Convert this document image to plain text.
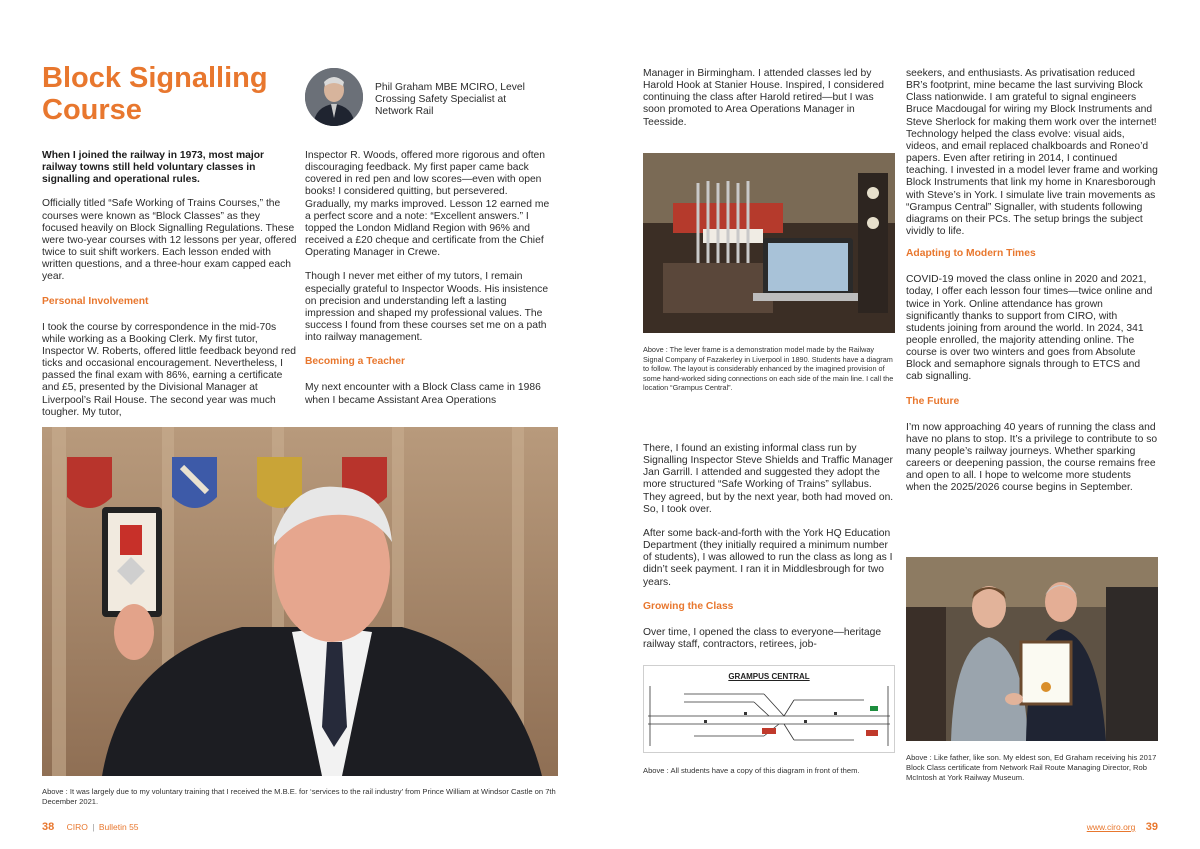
Block Signalling
Course
Phil Graham MBE MCIRO, Level Crossing Safety Specialist at Network Rail

When I joined the railway in 1973, most major railway towns still held voluntary classes in signalling and operational rules.

Officially titled “Safe Working of Trains Courses,” the courses were known as “Block Classes” as they focused heavily on Block Signalling Regulations. These were two-year courses with 12 lessons per year, offered twice to suit shift workers. Each lesson ended with written questions, and a three-hour exam capped each year.

Personal Involvement

I took the course by correspondence in the mid-70s while working as a Booking Clerk. My first tutor, Inspector W. Roberts, offered little feedback beyond red ticks and occasional encouragement. Nevertheless, I passed the final exam with 86%, earning a certificate and £5, presented by the Divisional Manager at Liverpool’s Rail House. The second year was much tougher. My tutor,

Inspector R. Woods, offered more rigorous and often discouraging feedback. My first paper came back covered in red pen and low scores—even with open books! I considered quitting, but persevered. Gradually, my marks improved. Lesson 12 earned me a perfect score and a note: “Excellent answers.” I topped the London Midland Region with 96% and received a £20 cheque and certificate from the Chief Operating Manager in Crewe.

Though I never met either of my tutors, I remain especially grateful to Inspector Woods. His insistence on precision and understanding left a lasting impression and shaped my professional values. The success I found from these courses set me on a path into railway management.

Becoming a Teacher

My next encounter with a Block Class came in 1986 when I became Assistant Area Operations

Above : It was largely due to my voluntary training that I received the M.B.E. for ‘services to the rail industry’ from Prince William at Windsor Castle on 7th December 2021.
38 CIRO | Bulletin 55

Manager in Birmingham. I attended classes led by Harold Hook at Stanier House. Inspired, I considered continuing the class after Harold retired—but I was soon promoted to Area Operations Manager in Teesside.

Above : The lever frame is a demonstration model made by the Railway Signal Company of Fazakerley in Liverpool in 1890. Students have a diagram to follow. The layout is considerably enhanced by the imagined provision of some hand-worked siding connections on each side of the main line. I call the location “Grampus Central”.

There, I found an existing informal class run by Signalling Inspector Steve Shields and Traffic Manager Jan Garrill. I attended and suggested they adopt the more structured “Safe Working of Trains” syllabus. They agreed, but by the next year, both had moved on. So, I took over.

After some back-and-forth with the York HQ Education Department (they initially required a minimum number of students), I was allowed to run the class as long as I didn’t seek payment. I ran it in Middlesbrough for two years.

Growing the Class

Over time, I opened the class to everyone—heritage railway staff, contractors, retirees, job-

GRAMPUS CENTRAL
Above : All students have a copy of this diagram in front of them.

seekers, and enthusiasts. As privatisation reduced BR’s footprint, mine became the last surviving Block Class nationwide. I am grateful to signal engineers Bruce Macdougal for wiring my Block Instruments and Steve Sherlock for making them work over the internet!

Technology helped the class evolve: visual aids, videos, and email replaced chalkboards and Roneo’d papers. Even after retiring in 2014, I continued teaching. I invested in a model lever frame and working Block Instruments that link my home in Knaresborough with Steve’s in York. I simulate live train movements as “Grampus Central” Signaller, with students following diagrams on their PCs. The setup brings the subject vividly to life.

Adapting to Modern Times

COVID-19 moved the class online in 2020 and 2021, today, I offer each lesson four times—twice online and twice in York. Online attendance has grown significantly thanks to support from CIRO, with students joining from around the world. In 2024, 341 people enrolled, the majority attending online. The course is over two winters and goes from Absolute Block and semaphore signals through to ETCS and cab signalling.

The Future

I’m now approaching 40 years of running the class and have no plans to stop. It’s a privilege to contribute to so many people’s railway journeys. Whether sparking careers or deepening passion, the course remains free and open to all. I hope to welcome more students when the 2025/2026 course begins in September.

Above : Like father, like son. My eldest son, Ed Graham receiving his 2017 Block Class certificate from Network Rail Route Managing Director, Rob McIntosh at York Railway Museum.
www.ciro.org 39
